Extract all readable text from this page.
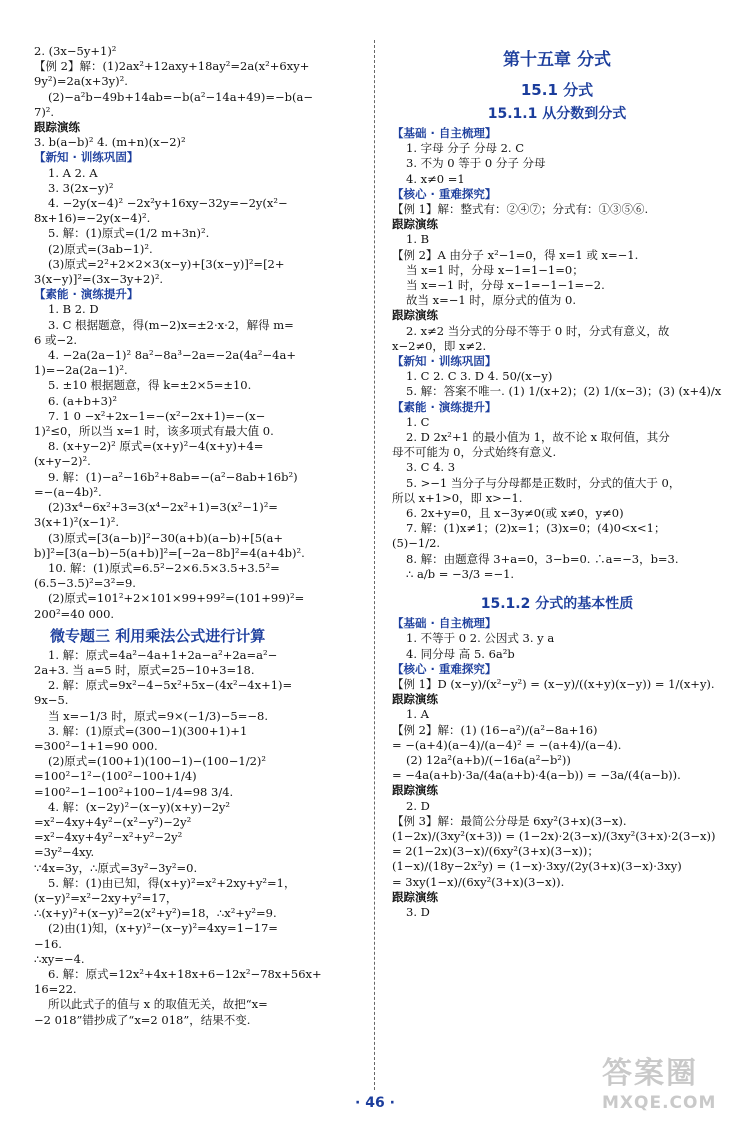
2. (3x−5y+1)²
【例 2】解：(1)2ax²+12axy+18ay²=2a(x²+6xy+
9y²)=2a(x+3y)².
(2)−a²b−49b+14ab=−b(a²−14a+49)=−b(a−
7)².
跟踪演练
3. b(a−b)² 4. (m+n)(x−2)²
【新知 · 训练巩固】
1. A 2. A
3. 3(2x−y)²
4. −2y(x−4)² −2x²y+16xy−32y=−2y(x²−
8x+16)=−2y(x−4)².
5. 解：(1)原式=(1/2 m+3n)².
(2)原式=(3ab−1)².
(3)原式=2²+2×2×3(x−y)+[3(x−y)]²=[2+
3(x−y)]²=(3x−3y+2)².
【素能 · 演练提升】
1. B 2. D
3. C 根据题意，得(m−2)x=±2·x·2，解得 m=
6 或−2.
4. −2a(2a−1)² 8a²−8a³−2a=−2a(4a²−4a+
1)=−2a(2a−1)².
5. ±10 根据题意，得 k=±2×5=±10.
6. (a+b+3)²
7. 1 0 −x²+2x−1=−(x²−2x+1)=−(x−
1)²≤0，所以当 x=1 时，该多项式有最大值 0.
8. (x+y−2)² 原式=(x+y)²−4(x+y)+4=
(x+y−2)².
9. 解：(1)−a²−16b²+8ab=−(a²−8ab+16b²)
=−(a−4b)².
(2)3x⁴−6x²+3=3(x⁴−2x²+1)=3(x²−1)²=
3(x+1)²(x−1)².
(3)原式=[3(a−b)]²−30(a+b)(a−b)+[5(a+
b)]²=[3(a−b)−5(a+b)]²=[−2a−8b]²=4(a+4b)².
10. 解：(1)原式=6.5²−2×6.5×3.5+3.5²=
(6.5−3.5)²=3²=9.
(2)原式=101²+2×101×99+99²=(101+99)²=
200²=40 000.
微专题三 利用乘法公式进行计算
1. 解：原式=4a²−4a+1+2a−a²+2a=a²−
2a+3. 当 a=5 时，原式=25−10+3=18.
2. 解：原式=9x²−4−5x²+5x−(4x²−4x+1)=
9x−5.
当 x=−1/3 时，原式=9×(−1/3)−5=−8.
3. 解：(1)原式=(300−1)(300+1)+1
=300²−1+1=90 000.
(2)原式=(100+1)(100−1)−(100−1/2)²
=100²−1²−(100²−100+1/4)
=100²−1−100²+100−1/4=98 3/4.
4. 解：(x−2y)²−(x−y)(x+y)−2y²
=x²−4xy+4y²−(x²−y²)−2y²
=x²−4xy+4y²−x²+y²−2y²
=3y²−4xy.
∵4x=3y，∴原式=3y²−3y²=0.
5. 解：(1)由已知，得(x+y)²=x²+2xy+y²=1，
(x−y)²=x²−2xy+y²=17，
∴(x+y)²+(x−y)²=2(x²+y²)=18，∴x²+y²=9.
(2)由(1)知，(x+y)²−(x−y)²=4xy=1−17=
−16.
∴xy=−4.
6. 解：原式=12x²+4x+18x+6−12x²−78x+56x+
16=22.
所以此式子的值与 x 的取值无关，故把“x=
−2 018”错抄成了“x=2 018”，结果不变.
第十五章 分式
15.1 分式
15.1.1 从分数到分式
【基础 · 自主梳理】
1. 字母 分子 分母 2. C
3. 不为 0 等于 0 分子 分母
4. x≠0 =1
【核心 · 重难探究】
【例 1】解：整式有：②④⑦；分式有：①③⑤⑥.
跟踪演练
1. B
【例 2】A 由分子 x²−1=0，得 x=1 或 x=−1.
当 x=1 时，分母 x−1=1−1=0；
当 x=−1 时，分母 x−1=−1−1=−2.
故当 x=−1 时，原分式的值为 0.
跟踪演练
2. x≠2 当分式的分母不等于 0 时，分式有意义，故
x−2≠0，即 x≠2.
【新知 · 训练巩固】
1. C 2. C 3. D 4. 50/(x−y)
5. 解：答案不唯一. (1) 1/(x+2)；(2) 1/(x−3)；(3) (x+4)/x
【素能 · 演练提升】
1. C
2. D 2x²+1 的最小值为 1，故不论 x 取何值，其分
母不可能为 0，分式始终有意义.
3. C 4. 3
5. >−1 当分子与分母都是正数时，分式的值大于 0，
所以 x+1>0，即 x>−1.
6. 2x+y=0，且 x−3y≠0(或 x≠0，y≠0)
7. 解：(1)x≠1；(2)x=1；(3)x=0；(4)0<x<1；
(5)−1/2.
8. 解：由题意得 3+a=0，3−b=0. ∴a=−3，b=3.
∴ a/b = −3/3 =−1.
15.1.2 分式的基本性质
【基础 · 自主梳理】
1. 不等于 0 2. 公因式 3. y a
4. 同分母 高 5. 6a²b
【核心 · 重难探究】
【例 1】D (x−y)/(x²−y²) = (x−y)/((x+y)(x−y)) = 1/(x+y).
跟踪演练
1. A
【例 2】解：(1) (16−a²)/(a²−8a+16)
= −(a+4)(a−4)/(a−4)² = −(a+4)/(a−4).
(2) 12a²(a+b)/(−16a(a²−b²))
= −4a(a+b)·3a/(4a(a+b)·4(a−b)) = −3a/(4(a−b)).
跟踪演练
2. D
【例 3】解：最简公分母是 6xy²(3+x)(3−x).
(1−2x)/(3xy²(x+3)) = (1−2x)·2(3−x)/(3xy²(3+x)·2(3−x))
= 2(1−2x)(3−x)/(6xy²(3+x)(3−x))；
(1−x)/(18y−2x²y) = (1−x)·3xy/(2y(3+x)(3−x)·3xy)
= 3xy(1−x)/(6xy²(3+x)(3−x)).
跟踪演练
3. D
· 46 ·
答案圈
MXQE.COM
